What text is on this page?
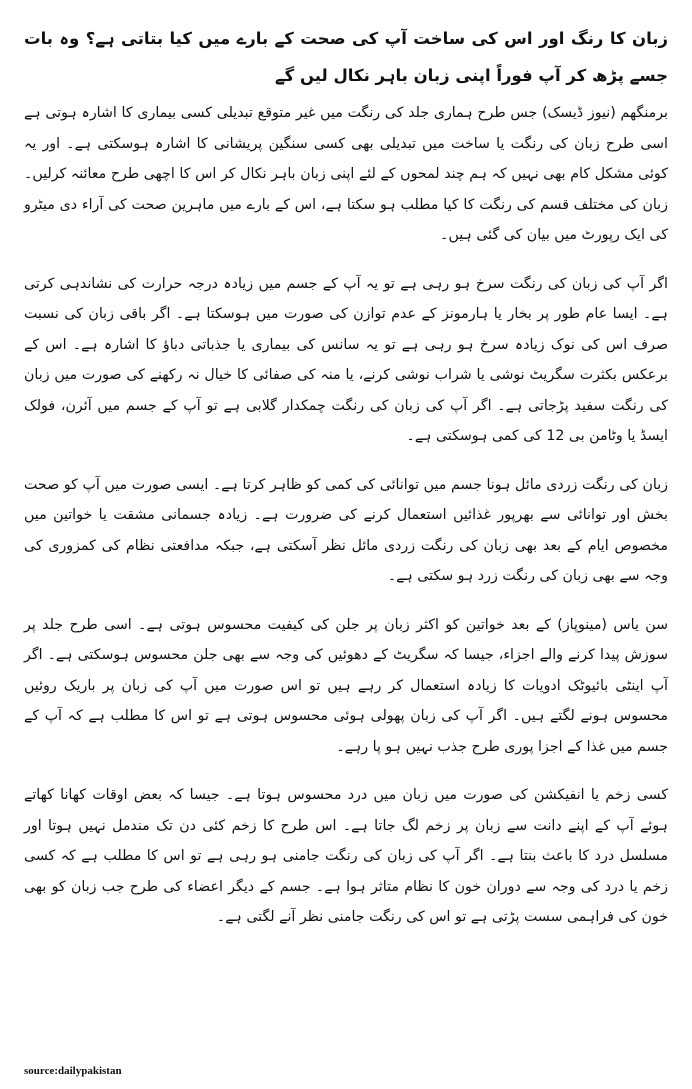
زبان کا رنگ اور اس کی ساخت آپ کی صحت کے بارے میں کیا بتاتی ہے؟ وہ بات جسے پڑھ کر آپ فوراً اپنی زبان باہر نکال لیں گے

برمنگھم (نیوز ڈیسک) جس طرح ہماری جلد کی رنگت میں غیر متوقع تبدیلی کسی بیماری کا اشارہ ہوتی ہے اسی طرح زبان کی رنگت یا ساخت میں تبدیلی بھی کسی سنگین پریشانی کا اشارہ ہوسکتی ہے۔ اور یہ کوئی مشکل کام بھی نہیں کہ ہم چند لمحوں کے لئے اپنی زبان باہر نکال کر اس کا اچھی طرح معائنہ کرلیں۔ زبان کی مختلف قسم کی رنگت کا کیا مطلب ہو سکتا ہے، اس کے بارے میں ماہرین صحت کی آراء دی میٹرو کی ایک رپورٹ میں بیان کی گئی ہیں۔

اگر آپ کی زبان کی رنگت سرخ ہو رہی ہے تو یہ آپ کے جسم میں زیادہ درجہ حرارت کی نشاندہی کرتی ہے۔ ایسا عام طور پر بخار یا ہارمونز کے عدم توازن کی صورت میں ہوسکتا ہے۔ اگر باقی زبان کی نسبت صرف اس کی نوک زیادہ سرخ ہو رہی ہے تو یہ سانس کی بیماری یا جذباتی دباؤ کا اشارہ ہے۔ اس کے برعکس بکثرت سگریٹ نوشی یا شراب نوشی کرنے، یا منہ کی صفائی کا خیال نہ رکھنے کی صورت میں زبان کی رنگت سفید پڑجاتی ہے۔ اگر آپ کی زبان کی رنگت چمکدار گلابی ہے تو آپ کے جسم میں آئرن، فولک ایسڈ یا وٹامن بی 12 کی کمی ہوسکتی ہے۔

زبان کی رنگت زردی مائل ہونا جسم میں توانائی کی کمی کو ظاہر کرتا ہے۔ ایسی صورت میں آپ کو صحت بخش اور توانائی سے بھرپور غذائیں استعمال کرنے کی ضرورت ہے۔ زیادہ جسمانی مشقت یا خواتین میں مخصوص ایام کے بعد بھی زبان کی رنگت زردی مائل نظر آسکتی ہے، جبکہ مدافعتی نظام کی کمزوری کی وجہ سے بھی زبان کی رنگت زرد ہو سکتی ہے۔

سن یاس (مینوپاز) کے بعد خواتین کو اکثر زبان پر جلن کی کیفیت محسوس ہوتی ہے۔ اسی طرح جلد پر سوزش پیدا کرنے والے اجزاء، جیسا کہ سگریٹ کے دھوئیں کی وجہ سے بھی جلن محسوس ہوسکتی ہے۔ اگر آپ اینٹی بائیوٹک ادویات کا زیادہ استعمال کر رہے ہیں تو اس صورت میں آپ کی زبان پر باریک روئیں محسوس ہونے لگتے ہیں۔ اگر آپ کی زبان پھولی ہوئی محسوس ہوتی ہے تو اس کا مطلب ہے کہ آپ کے جسم میں غذا کے اجزا پوری طرح جذب نہیں ہو پا رہے۔

کسی زخم یا انفیکشن کی صورت میں زبان میں درد محسوس ہوتا ہے۔ جیسا کہ بعض اوقات کھانا کھاتے ہوئے آپ کے اپنے دانت سے زبان پر زخم لگ جاتا ہے۔ اس طرح کا زخم کئی دن تک مندمل نہیں ہوتا اور مسلسل درد کا باعث بنتا ہے۔ اگر آپ کی زبان کی رنگت جامنی ہو رہی ہے تو اس کا مطلب ہے کہ کسی زخم یا درد کی وجہ سے دوران خون کا نظام متاثر ہوا ہے۔ جسم کے دیگر اعضاء کی طرح جب زبان کو بھی خون کی فراہمی سست پڑتی ہے تو اس کی رنگت جامنی نظر آنے لگتی ہے۔

source:dailypakistan
